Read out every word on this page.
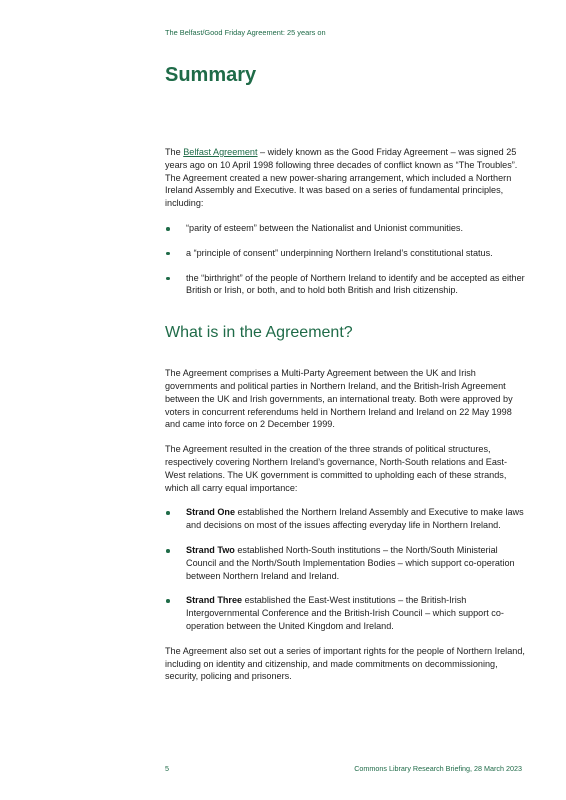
The Belfast/Good Friday Agreement: 25 years on
Summary

The Belfast Agreement – widely known as the Good Friday Agreement – was signed 25 years ago on 10 April 1998 following three decades of conflict known as “The Troubles”. The Agreement created a new power-sharing arrangement, which included a Northern Ireland Assembly and Executive. It was based on a series of fundamental principles, including:

“parity of esteem” between the Nationalist and Unionist communities.
a “principle of consent” underpinning Northern Ireland’s constitutional status.
the “birthright” of the people of Northern Ireland to identify and be accepted as either British or Irish, or both, and to hold both British and Irish citizenship.
What is in the Agreement?

The Agreement comprises a Multi-Party Agreement between the UK and Irish governments and political parties in Northern Ireland, and the British-Irish Agreement between the UK and Irish governments, an international treaty. Both were approved by voters in concurrent referendums held in Northern Ireland and Ireland on 22 May 1998 and came into force on 2 December 1999.

The Agreement resulted in the creation of the three strands of political structures, respectively covering Northern Ireland’s governance, North-South relations and East-West relations. The UK government is committed to upholding each of these strands, which all carry equal importance:

Strand One established the Northern Ireland Assembly and Executive to make laws and decisions on most of the issues affecting everyday life in Northern Ireland.
Strand Two established North-South institutions – the North/South Ministerial Council and the North/South Implementation Bodies – which support co-operation between Northern Ireland and Ireland.
Strand Three established the East-West institutions – the British-Irish Intergovernmental Conference and the British-Irish Council – which support co-operation between the United Kingdom and Ireland.

The Agreement also set out a series of important rights for the people of Northern Ireland, including on identity and citizenship, and made commitments on decommissioning, security, policing and prisoners.

5	Commons Library Research Briefing, 28 March 2023
